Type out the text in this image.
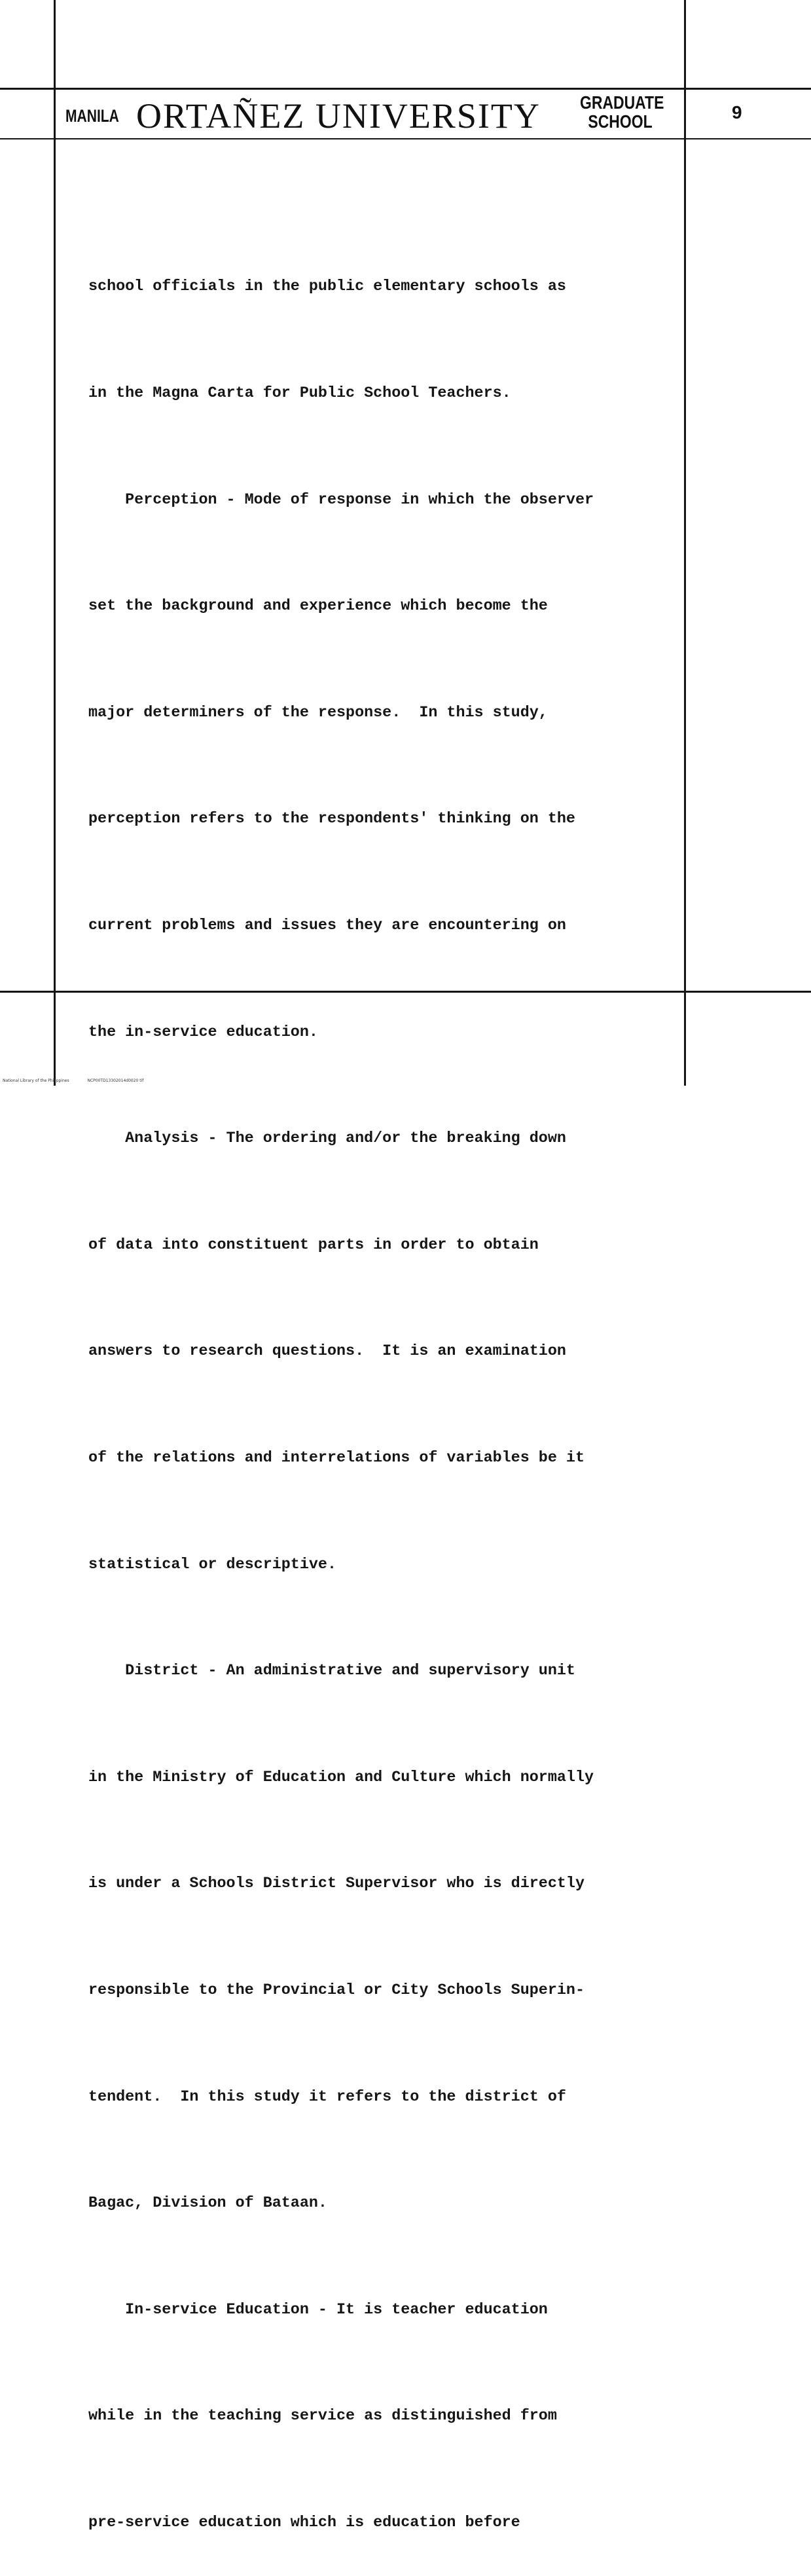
MANILA ORTAÑEZ UNIVERSITY GRADUATE
SCHOOL	9

school officials in the public elementary schools as

in the Magna Carta for Public School Teachers.

Perception - Mode of response in which the observer

set the background and experience which become the

major determiners of the response.  In this study,

perception refers to the respondents' thinking on the

current problems and issues they are encountering on

the in-service education.

Analysis - The ordering and/or the breaking down

of data into constituent parts in order to obtain

answers to research questions.  It is an examination

of the relations and interrelations of variables be it

statistical or descriptive.

District - An administrative and supervisory unit

in the Ministry of Education and Culture which normally

is under a Schools District Supervisor who is directly

responsible to the Provincial or City Schools Superin-

tendent.  In this study it refers to the district of

Bagac, Division of Bataan.

In-service Education - It is teacher education

while in the teaching service as distinguished from

pre-service education which is education before

National Library of the Philippines	NCP00TD13302014d0020 tif
